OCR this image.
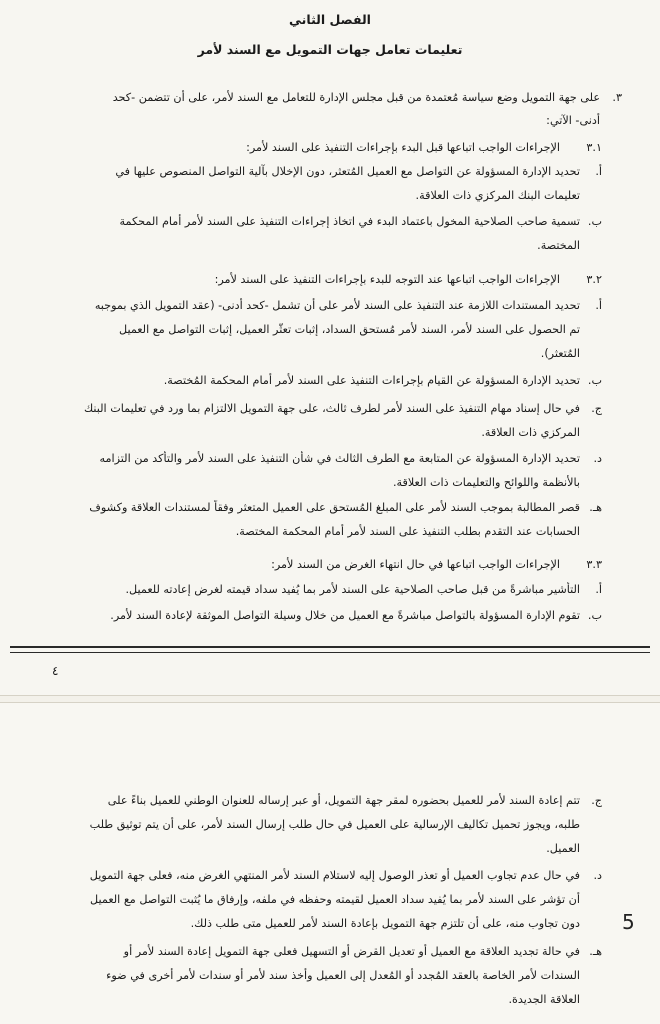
الفصل الثاني
تعليمات تعامل جهات التمويل مع السند لأمر
٣.
على جهة التمويل وضع سياسة مُعتمدة من قبل مجلس الإدارة للتعامل مع السند لأمر، على أن تتضمن -كحد
أدنى- الآتي:
٣.١
الإجراءات الواجب اتباعها قبل البدء بإجراءات التنفيذ على السند لأمر:
أ.
تحديد الإدارة المسؤولة عن التواصل مع العميل المُتعثر، دون الإخلال بآلية التواصل المنصوص عليها في
تعليمات البنك المركزي ذات العلاقة.
ب.
تسمية صاحب الصلاحية المخول باعتماد البدء في اتخاذ إجراءات التنفيذ على السند لأمر أمام المحكمة
المختصة.
٣.٢
الإجراءات الواجب اتباعها عند التوجه للبدء بإجراءات التنفيذ على السند لأمر:
أ.
تحديد المستندات اللازمة عند التنفيذ على السند لأمر على أن تشمل -كحد أدنى- (عقد التمويل الذي بموجبه
تم الحصول على السند لأمر، السند لأمر مُستحق السداد، إثبات تعثّر العميل، إثبات التواصل مع العميل
المُتعثر).
ب.
تحديد الإدارة المسؤولة عن القيام بإجراءات التنفيذ على السند لأمر أمام المحكمة المُختصة.
ج.
في حال إسناد مهام التنفيذ على السند لأمر لطرف ثالث، على جهة التمويل الالتزام بما ورد في تعليمات البنك
المركزي ذات العلاقة.
د.
تحديد الإدارة المسؤولة عن المتابعة مع الطرف الثالث في شأن التنفيذ على السند لأمر والتأكد من التزامه
بالأنظمة واللوائح والتعليمات ذات العلاقة.
هـ.
قصر المطالبة بموجب السند لأمر على المبلغ المُستحق على العميل المتعثر وفقاً لمستندات العلاقة وكشوف
الحسابات عند التقدم بطلب التنفيذ على السند لأمر أمام المحكمة المختصة.
٣.٣
الإجراءات الواجب اتباعها في حال انتهاء الغرض من السند لأمر:
أ.
التأشير مباشرةً من قبل صاحب الصلاحية على السند لأمر بما يُفيد سداد قيمته لغرض إعادته للعميل.
ب.
تقوم الإدارة المسؤولة بالتواصل مباشرةً مع العميل من خلال وسيلة التواصل الموثقة لإعادة السند لأمر.
٤
ج.
تتم إعادة السند لأمر للعميل بحضوره لمقر جهة التمويل، أو عبر إرساله للعنوان الوطني للعميل بناءً على
طلبه، ويجوز تحميل تكاليف الإرسالية على العميل في حال طلب إرسال السند لأمر، على أن يتم توثيق طلب
العميل.
د.
في حال عدم تجاوب العميل أو تعذر الوصول إليه لاستلام السند لأمر المنتهي الغرض منه، فعلى جهة التمويل
أن تؤشر على السند لأمر بما يُفيد سداد العميل لقيمته وحفظه في ملفه، وإرفاق ما يُثبت التواصل مع العميل
دون تجاوب منه، على أن تلتزم جهة التمويل بإعادة السند لأمر للعميل متى طلب ذلك.
هـ.
في حالة تجديد العلاقة مع العميل أو تعديل القرض أو التسهيل فعلى جهة التمويل إعادة السند لأمر أو
السندات لأمر الخاصة بالعقد المُجدد أو المُعدل إلى العميل وأخذ سند لأمر أو سندات لأمر أخرى في ضوء
العلاقة الجديدة.
5
